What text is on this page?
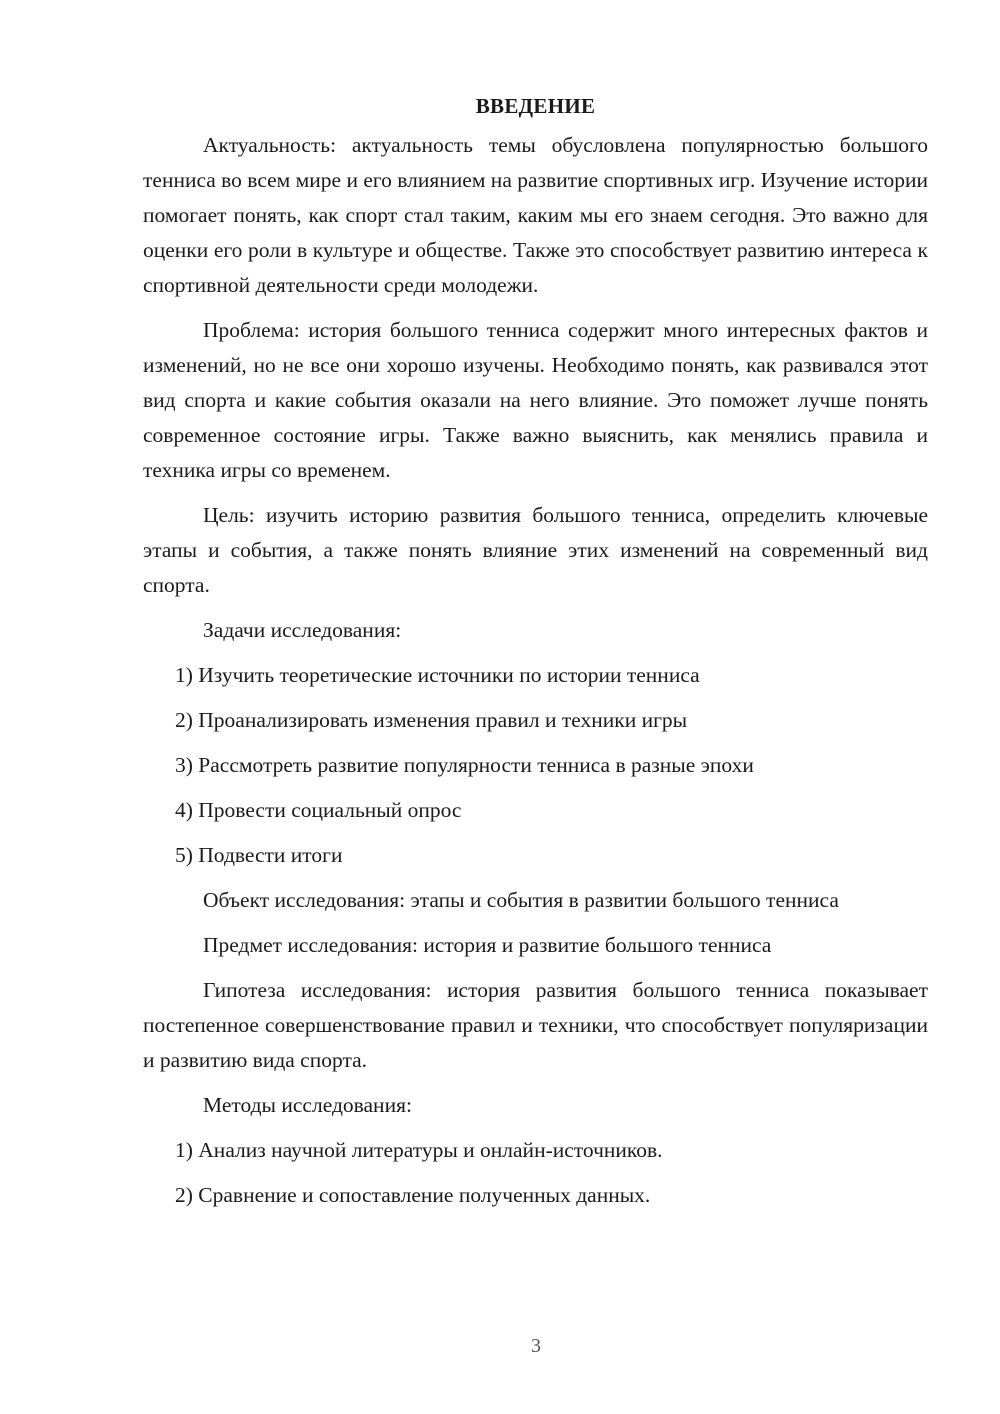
ВВЕДЕНИЕ

Актуальность: актуальность темы обусловлена популярностью большого тенниса во всем мире и его влиянием на развитие спортивных игр. Изучение истории помогает понять, как спорт стал таким, каким мы его знаем сегодня. Это важно для оценки его роли в культуре и обществе. Также это способствует развитию интереса к спортивной деятельности среди молодежи.

Проблема: история большого тенниса содержит много интересных фактов и изменений, но не все они хорошо изучены. Необходимо понять, как развивался этот вид спорта и какие события оказали на него влияние. Это поможет лучше понять современное состояние игры. Также важно выяснить, как менялись правила и техника игры со временем.

Цель: изучить историю развития большого тенниса, определить ключевые этапы и события, а также понять влияние этих изменений на современный вид спорта.

Задачи исследования:

1) Изучить теоретические источники по истории тенниса
2) Проанализировать изменения правил и техники игры
3) Рассмотреть развитие популярности тенниса в разные эпохи
4) Провести социальный опрос
5) Подвести итоги

Объект исследования: этапы и события в развитии большого тенниса

Предмет исследования: история и развитие большого тенниса

Гипотеза исследования: история развития большого тенниса показывает постепенное совершенствование правил и техники, что способствует популяризации и развитию вида спорта.

Методы исследования:

1) Анализ научной литературы и онлайн-источников.
2) Сравнение и сопоставление полученных данных.
3
